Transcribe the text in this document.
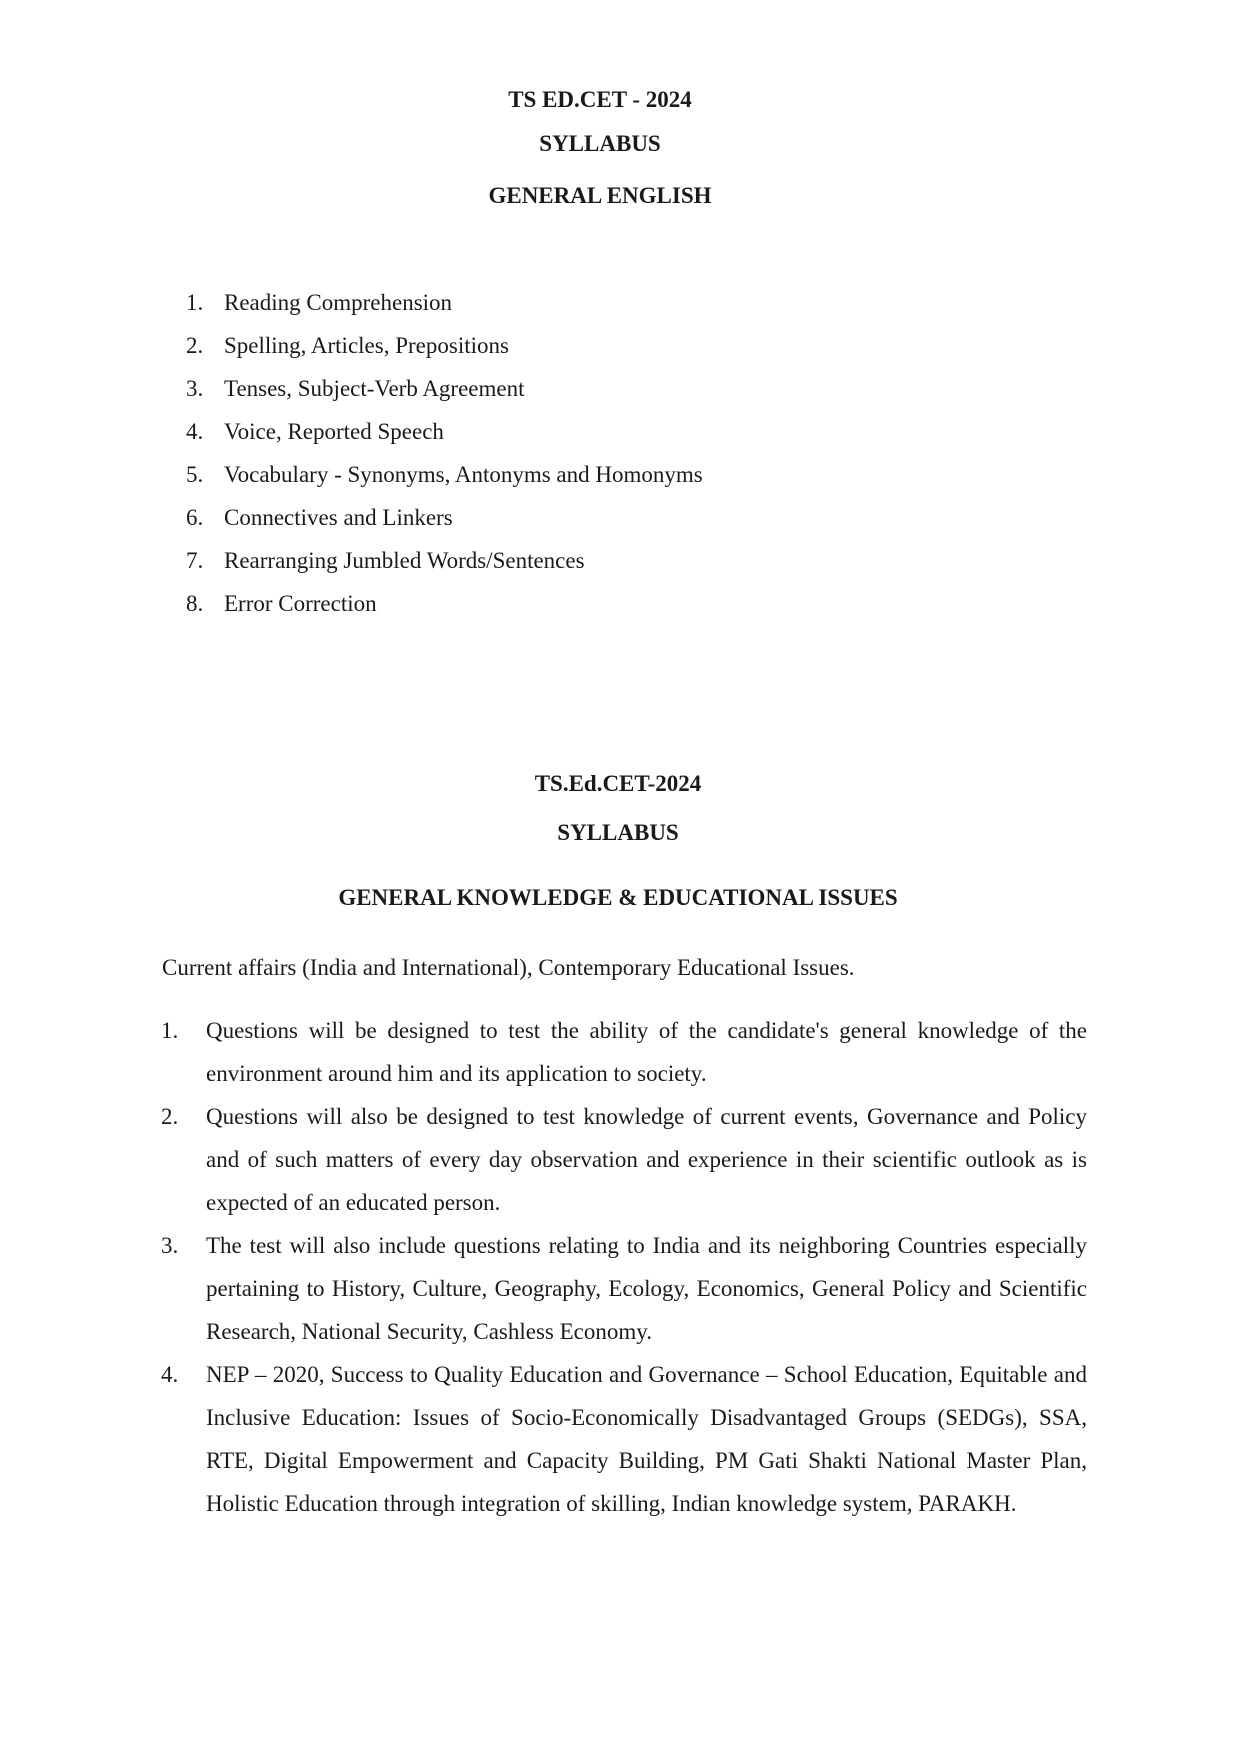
TS ED.CET - 2024
SYLLABUS
GENERAL ENGLISH
1. Reading Comprehension
2. Spelling, Articles, Prepositions
3. Tenses, Subject-Verb Agreement
4. Voice, Reported Speech
5. Vocabulary - Synonyms, Antonyms and Homonyms
6. Connectives and Linkers
7. Rearranging Jumbled Words/Sentences
8. Error Correction
TS.Ed.CET-2024
SYLLABUS
GENERAL KNOWLEDGE & EDUCATIONAL ISSUES
Current affairs (India and International), Contemporary Educational Issues.
1. Questions will be designed to test the ability of the candidate's general knowledge of the environment around him and its application to society.
2. Questions will also be designed to test knowledge of current events, Governance and Policy and of such matters of every day observation and experience in their scientific outlook as is expected of an educated person.
3. The test will also include questions relating to India and its neighboring Countries especially pertaining to History, Culture, Geography, Ecology, Economics, General Policy and Scientific Research, National Security, Cashless Economy.
4. NEP – 2020, Success to Quality Education and Governance – School Education, Equitable and Inclusive Education: Issues of Socio-Economically Disadvantaged Groups (SEDGs), SSA, RTE, Digital Empowerment and Capacity Building, PM Gati Shakti National Master Plan, Holistic Education through integration of skilling, Indian knowledge system, PARAKH.
